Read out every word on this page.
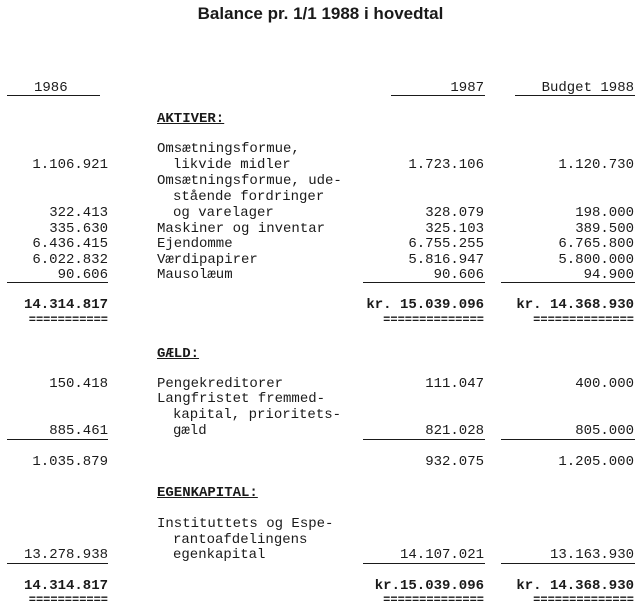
Balance pr. 1/1 1988 i hovedtal
1986	1987	Budget 1988
AKTIVER:
Omsætningsformue,
likvide midler
1.106.921	1.723.106	1.120.730
Omsætningsformue, ude-
stående fordringer
og varelager
322.413	328.079	198.000
Maskiner og inventar
335.630	325.103	389.500
Ejendomme
6.436.415	6.755.255	6.765.800
Værdipapirer
6.022.832	5.816.947	5.800.000
Mausolæum
90.606	90.606	94.900
14.314.817	kr. 15.039.096 kr. 14.368.930
===========	==============	==============
GÆLD:
Pengekreditorer
150.418	111.047	400.000
Langfristet fremmed-
kapital, prioritets-
gæld
885.461	821.028	805.000
1.035.879	932.075	1.205.000
EGENKAPITAL:
Instituttets og Espe-
rantoafdelingens
egenkapital
13.278.938	14.107.021	13.163.930
14.314.817	kr.15.039.096 kr. 14.368.930
===========	==============	==============
